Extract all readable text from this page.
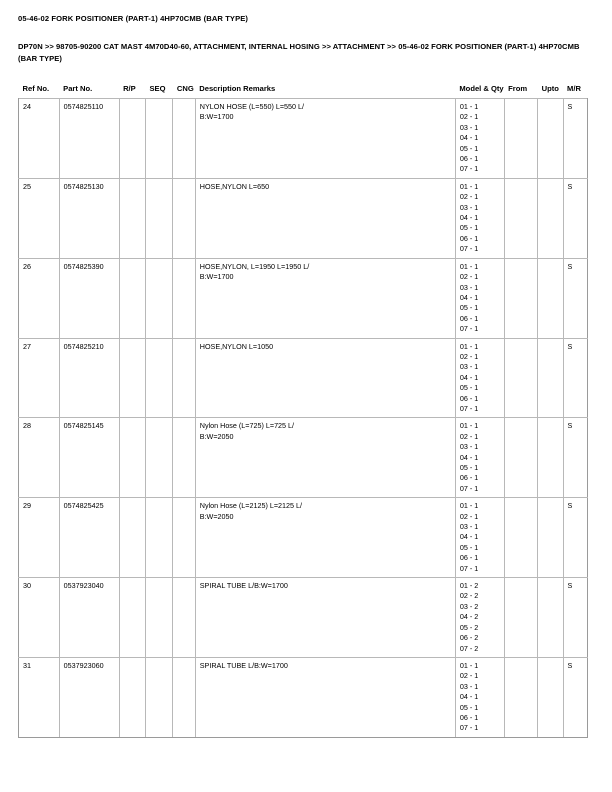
05-46-02 FORK POSITIONER (PART-1) 4HP70CMB (BAR TYPE)
DP70N >> 98705-90200 CAT MAST 4M70D40-60, ATTACHMENT, INTERNAL HOSING >> ATTACHMENT >> 05-46-02 FORK POSITIONER (PART-1) 4HP70CMB (BAR TYPE)
Ref No.	Part No.	R/P	SEQ	CNG	Description Remarks	Model & Qty	From	Upto	M/R
24	0574825110				NYLON HOSE (L=550) L=550 L/
B:W=1700

01 - 1
02 - 1
03 - 1
04 - 1
05 - 1
06 - 1
07 - 1
			S
25	0574825130				HOSE,NYLON L=650	01 - 1
02 - 1
03 - 1
04 - 1
05 - 1
06 - 1
07 - 1
			S
26	0574825390				HOSE,NYLON, L=1950 L=1950 L/
B:W=1700

01 - 1
02 - 1
03 - 1
04 - 1
05 - 1
06 - 1
07 - 1
			S
27	0574825210				HOSE,NYLON L=1050	01 - 1
02 - 1
03 - 1
04 - 1
05 - 1
06 - 1
07 - 1
			S
28	0574825145				Nylon Hose (L=725) L=725 L/
B:W=2050

01 - 1
02 - 1
03 - 1
04 - 1
05 - 1
06 - 1
07 - 1
			S
29	0574825425				Nylon Hose (L=2125) L=2125 L/
B:W=2050

01 - 1
02 - 1
03 - 1
04 - 1
05 - 1
06 - 1
07 - 1
			S
30	0537923040				SPIRAL TUBE L/B:W=1700	01 - 2
02 - 2
03 - 2
04 - 2
05 - 2
06 - 2
07 - 2
			S
31	0537923060				SPIRAL TUBE L/B:W=1700	01 - 1
02 - 1
03 - 1
04 - 1
05 - 1
06 - 1
07 - 1
			S
